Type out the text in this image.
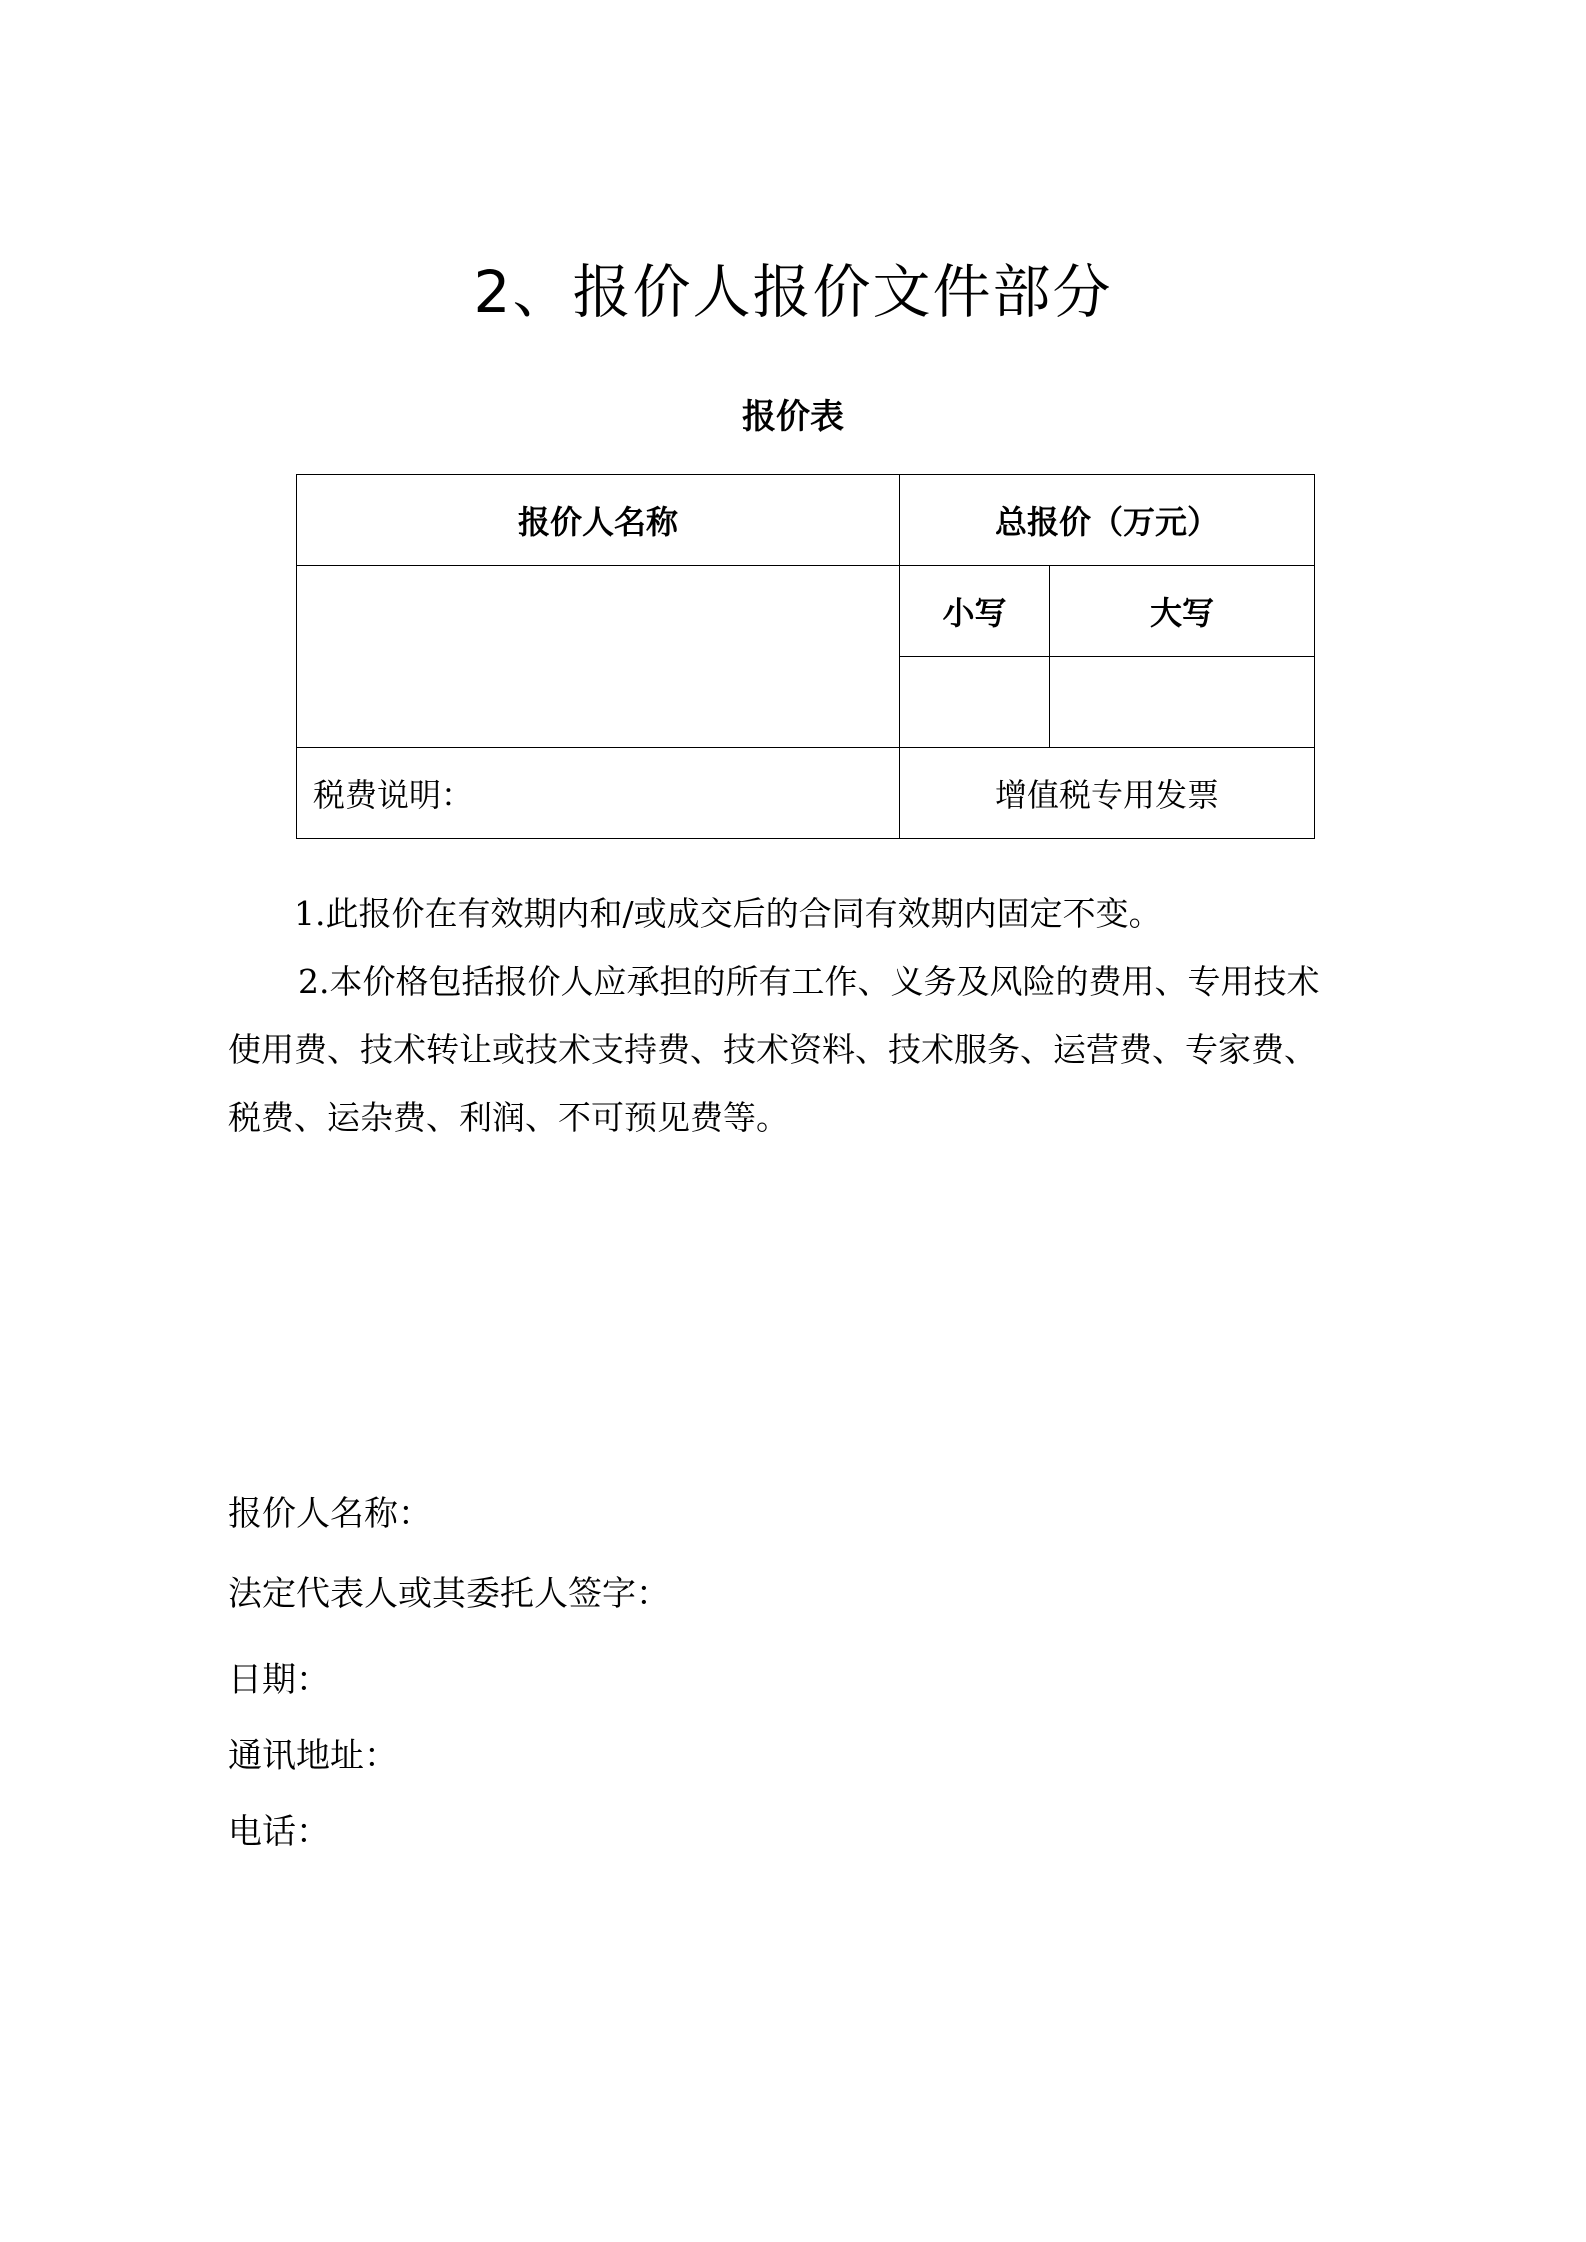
2、报价人报价文件部分
报价表
报价人名称	总报价（万元）	
	小写	大写

税费说明：	增值税专用发票	
1.此报价在有效期内和/或成交后的合同有效期内固定不变。
2.本价格包括报价人应承担的所有工作、义务及风险的费用、专用技术使用费、技术转让或技术支持费、技术资料、技术服务、运营费、专家费、税费、运杂费、利润、不可预见费等。
报价人名称：
法定代表人或其委托人签字：
日期：
通讯地址：
电话：
